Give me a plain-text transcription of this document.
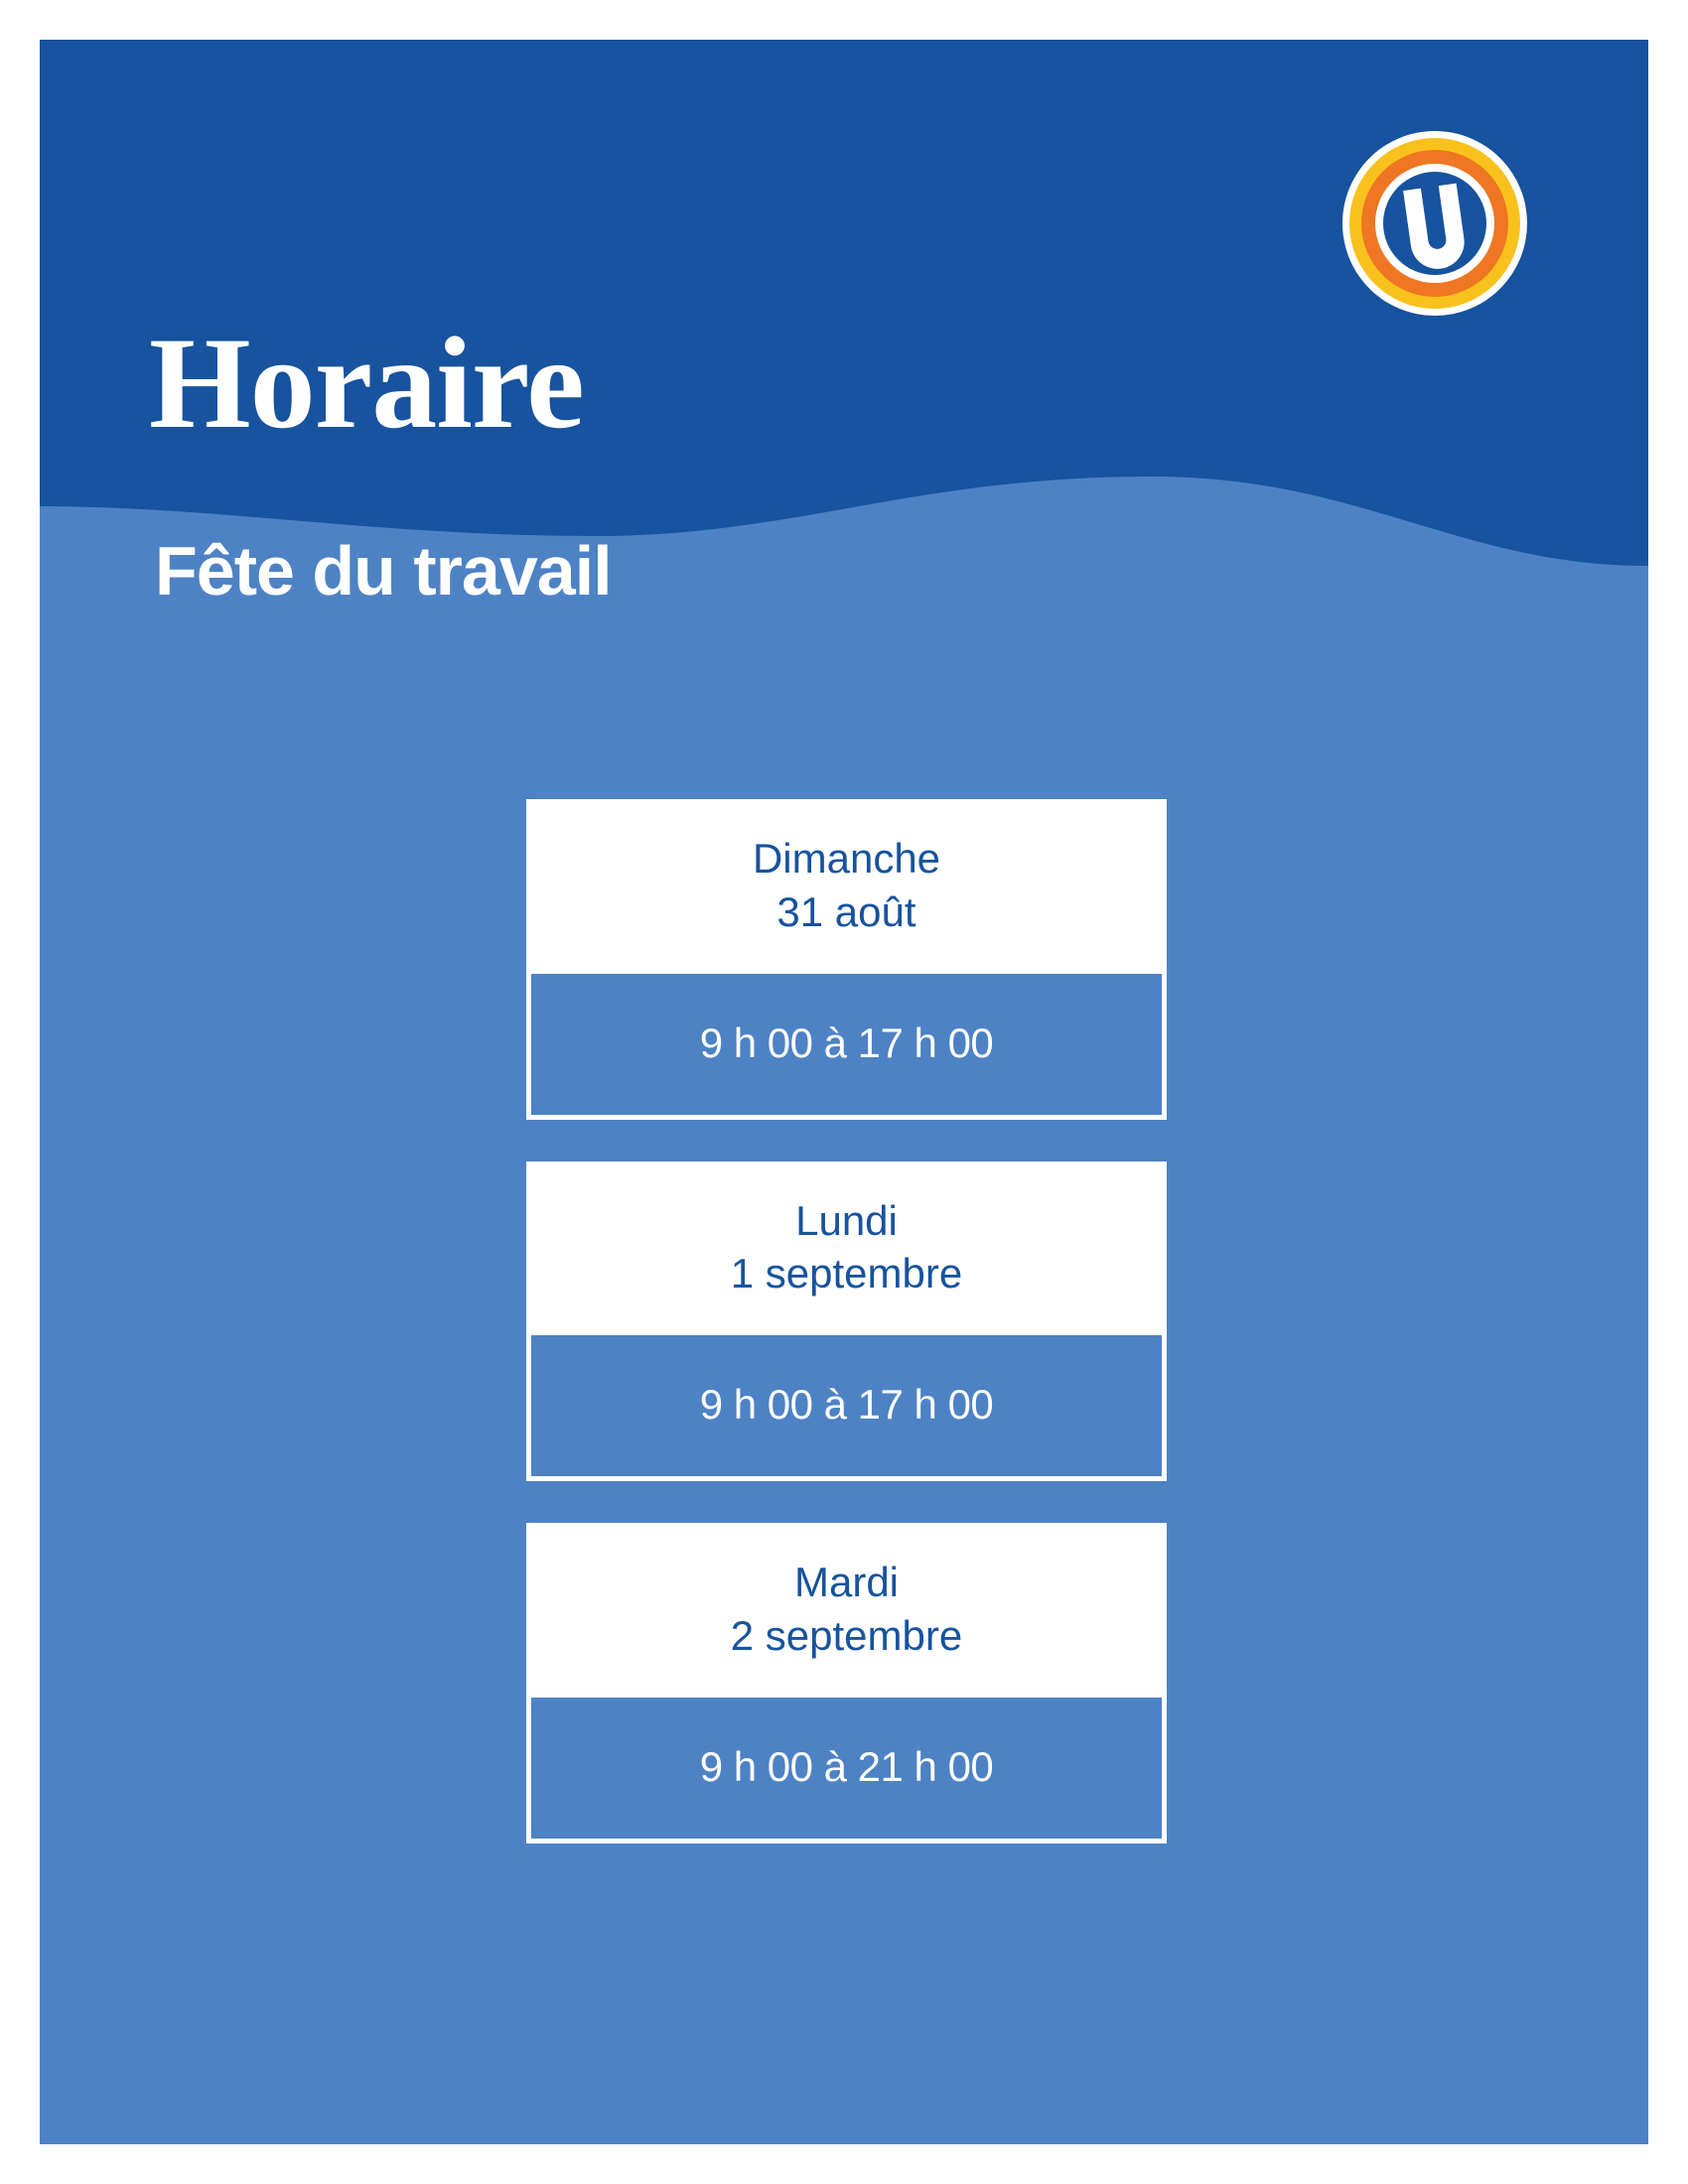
Horaire
Fête du travail
Dimanche
31 août
9 h 00 à 17 h 00
Lundi
1 septembre
9 h 00 à 17 h 00
Mardi
2 septembre
9 h 00 à 21 h 00
